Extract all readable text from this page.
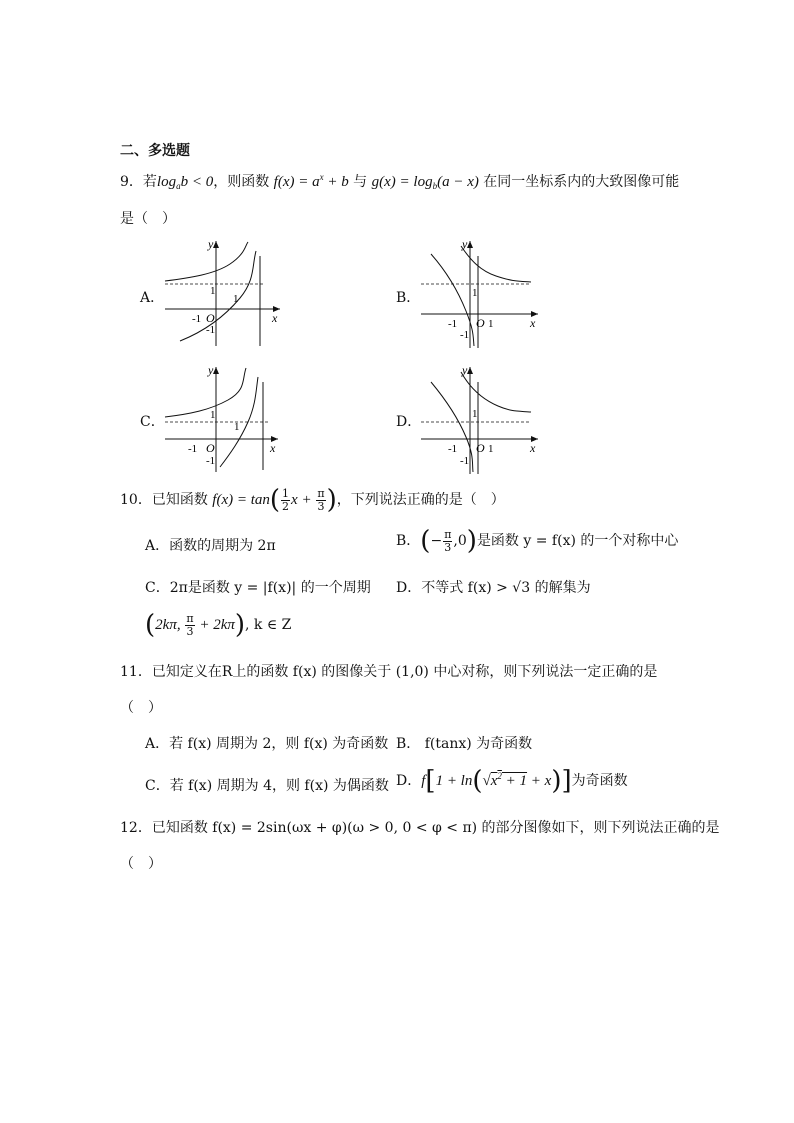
二、多选题
9．若$\log_ab < 0$，则函数 $f(x) = a^x + b$ 与 $g(x) = \log_b(a - x)$ 在同一坐标系内的大致图像可能
是（　）
A．	B．
C．	D．
y
x
O
-1
-1
1
1
y
x
O
-1	1
-1
1
y
x
O
-1
-1
1
1
y
x
O
-1	1
-1
1
10．已知函数 $f(x) = \tan( \frac{1}{2}$ $x + \frac{\pi}{3}$ )，下列说法正确的是（　）
A．函数的周期为 2π	B．(− $\frac{\pi}{3} ,0$)是函数 y = f(x) 的一个对称中心
C．2π是函数 y = |f(x)| 的一个周期 D．不等式 f(x) > √3 的解集为
(2kπ, $\frac{\pi}{3} + 2k\pi$), k ∈ Z
11．已知定义在R上的函数 f(x) 的图像关于 (1,0) 中心对称，则下列说法一定正确的是
（　）
A．若 f(x) 周期为 2，则 f(x) 为奇函数 B． f(tanx) 为奇函数
C．若 f(x) 周期为 4，则 f(x) 为偶函数 D．$f[1 + \ln(√x^2 + 1 + x)]$为奇函数
12．已知函数 f(x) = 2sin(ωx + φ)(ω > 0, 0 < φ < π) 的部分图像如下，则下列说法正确的是
（　）
